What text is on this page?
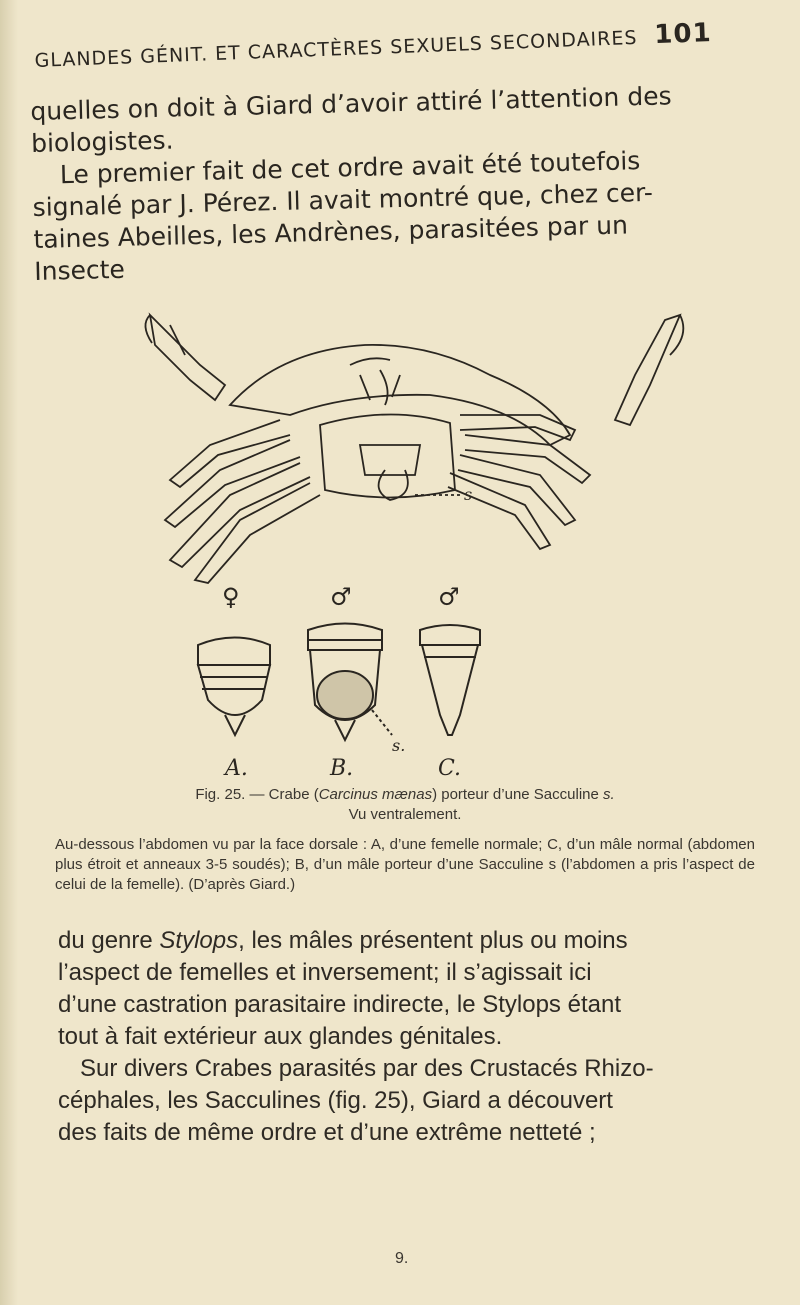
GLANDES GÉNIT. ET CARACTÈRES SEXUELS SECONDAIRES 101

quelles on doit à Giard d’avoir attiré l’attention des

biologistes.

Le premier fait de cet ordre avait été toutefois

signalé par J. Pérez. Il avait montré que, chez cer-

taines Abeilles, les Andrènes, parasitées par un Insecte

s
♀	♂	♂
s.
A.	B.	C.

Fig. 25. — Crabe (Carcinus mænas) porteur d’une Sacculine s.

Vu ventralement.

Au-dessous l’abdomen vu par la face dorsale : A, d’une femelle normale; C, d’un mâle normal (abdomen plus étroit et anneaux 3-5 soudés); B, d’un mâle porteur d’une Sacculine s (l’abdomen a pris l’aspect de celui de la femelle). (D’après Giard.)

du genre Stylops, les mâles présentent plus ou moins

l’aspect de femelles et inversement; il s’agissait ici

d’une castration parasitaire indirecte, le Stylops étant

tout à fait extérieur aux glandes génitales.

Sur divers Crabes parasités par des Crustacés Rhizo-

céphales, les Sacculines (fig. 25), Giard a découvert

des faits de même ordre et d’une extrême netteté ;

9.
